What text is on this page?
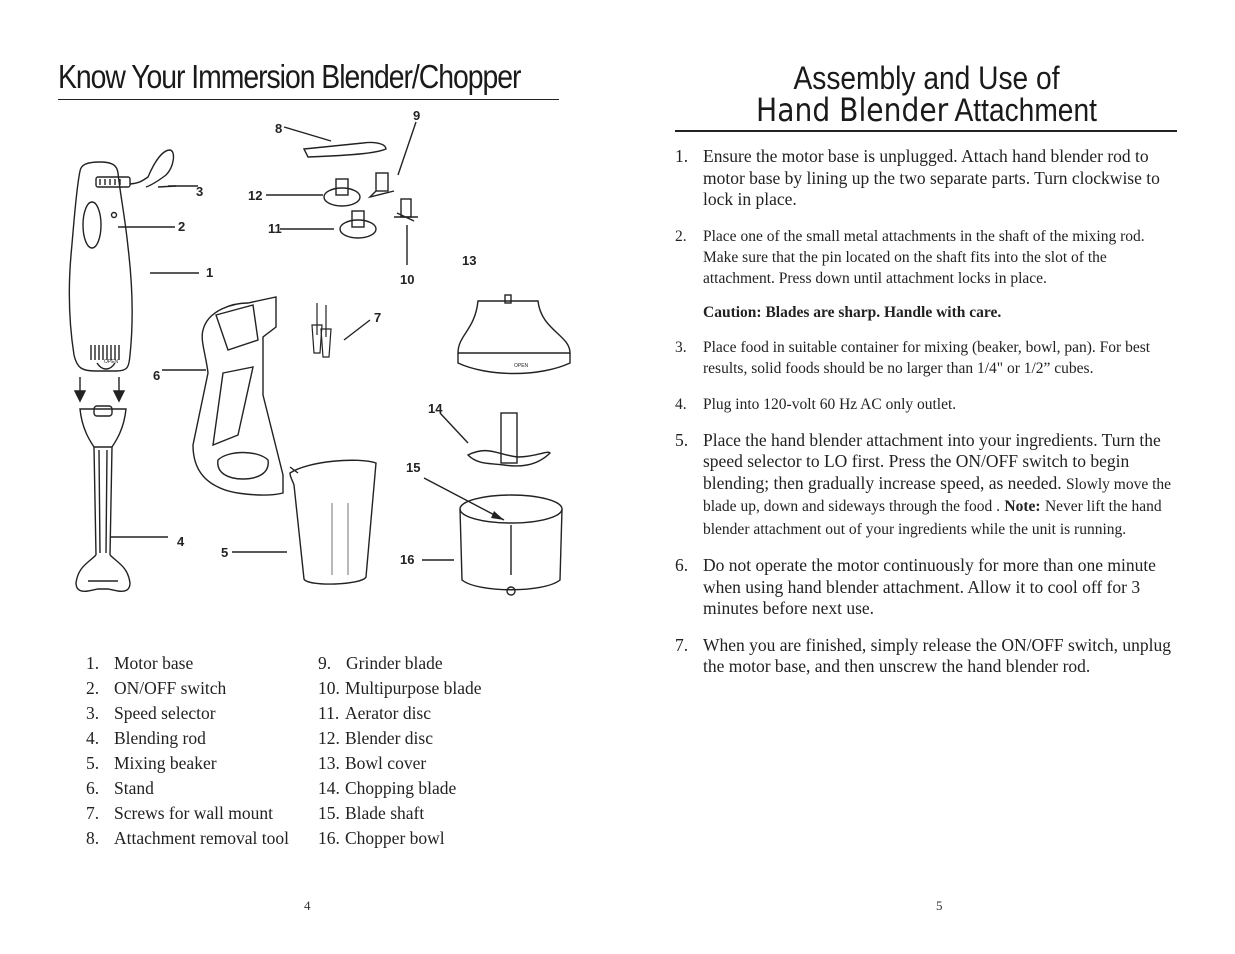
Know Your Immersion Blender/Chopper
OPEN
OPEN
1
2
3
4
5
6
7
8
9
10
11
12
13
14
15
16
1. Motor base
2. ON/OFF switch
3. Speed selector
4. Blending rod
5. Mixing beaker
6. Stand
7. Screws for wall mount
8. Attachment removal tool
9. Grinder blade
10. Multipurpose blade
11. Aerator disc
12. Blender disc
13. Bowl cover
14. Chopping blade
15. Blade shaft
16. Chopper bowl
4
Assembly and Use of
Hand Blender Attachment
1. Ensure the motor base is unplugged. Attach hand blender rod to motor base by lining up the two separate parts. Turn clockwise to lock in place.
2. Place one of the small metal attachments in the shaft of the mixing rod. Make sure that the pin located on the shaft fits into the slot of the attachment. Press down until attachment locks in place.
Caution: Blades are sharp. Handle with care.
3. Place food in suitable container for mixing (beaker, bowl, pan). For best results, solid foods should be no larger than 1/4" or 1/2” cubes.
4. Plug into 120-volt 60 Hz AC only outlet.
5. Place the hand blender attachment into your ingredients. Turn the speed selector to LO first. Press the ON/OFF switch to begin blending; then gradually increase speed, as needed. Slowly move the blade up, down and sideways through the food . Note: Never lift the hand blender attachment out of your ingredients while the unit is running.
6. Do not operate the motor continuously for more than one minute when using hand blender attachment. Allow it to cool off for 3 minutes before next use.
7. When you are finished, simply release the ON/OFF switch, unplug the motor base, and then unscrew the hand blender rod.
5
